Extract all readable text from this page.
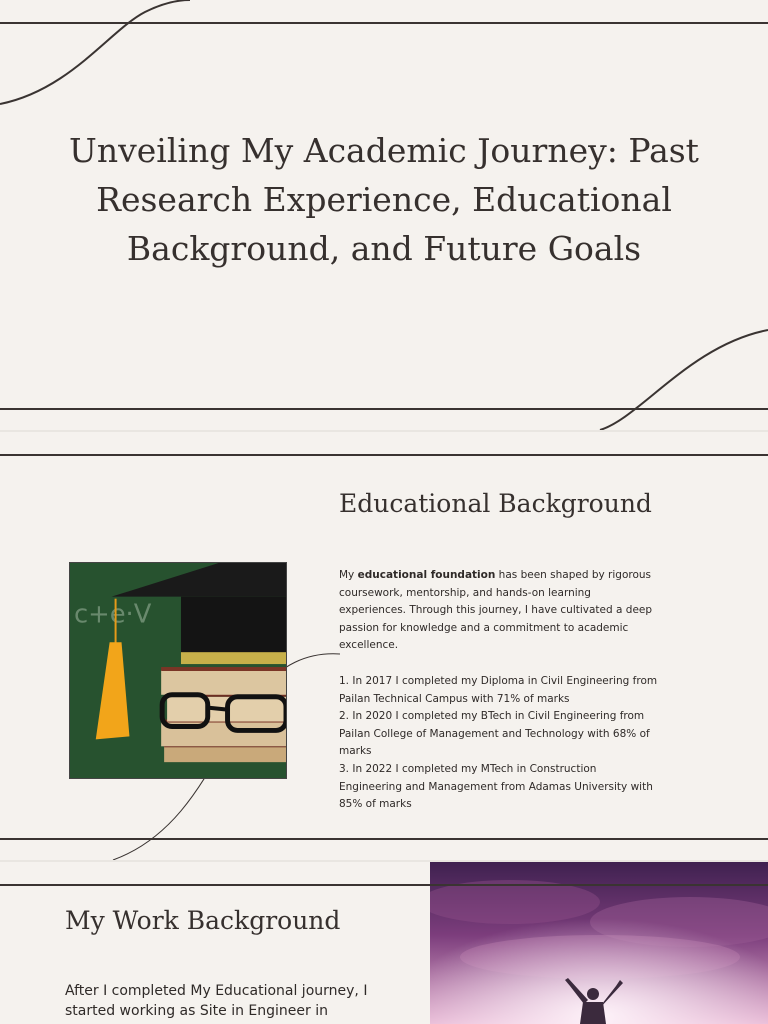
Unveiling My Academic Journey: Past Research Experience, Educational Background, and Future Goals
Educational Background
c+e·V

My educational foundation has been shaped by rigorous coursework, mentorship, and hands-on learning experiences. Through this journey, I have cultivated a deep passion for knowledge and a commitment to academic excellence.

1. In 2017 I completed my Diploma in Civil Engineering from Pailan Technical Campus with 71% of marks

2. In 2020 I completed my BTech in Civil Engineering from Pailan College of Management and Technology with 68% of marks

3. In 2022 I completed my MTech in Construction Engineering and Management from Adamas University with 85% of marks

My Work Background
After I completed My Educational journey, I started working as Site in Engineer in
